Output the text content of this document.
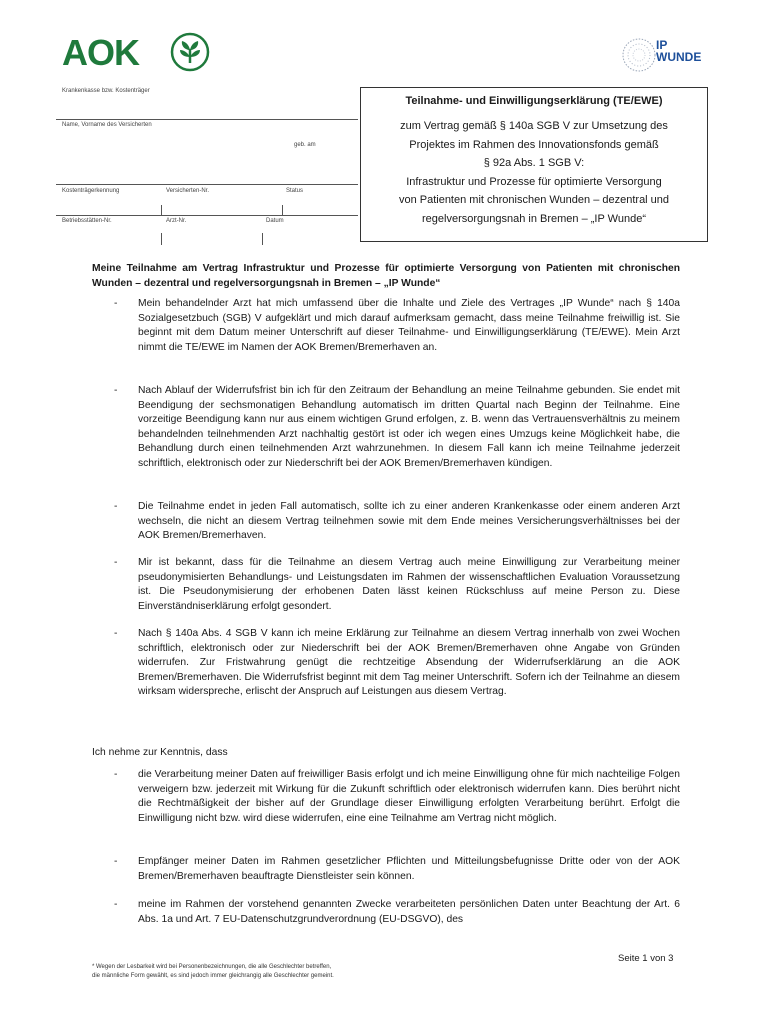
AOK	IP
WUNDE
Krankenkasse bzw. Kostenträger
Name, Vorname des Versicherten
geb. am
Kostenträgerkennung	Versicherten-Nr.	Status
Betriebsstätten-Nr.	Arzt-Nr.	Datum
Teilnahme- und Einwilligungserklärung (TE/EWE)
zum Vertrag gemäß § 140a SGB V zur Umsetzung des
Projektes im Rahmen des Innovationsfonds gemäß
§ 92a Abs. 1 SGB V:
Infrastruktur und Prozesse für optimierte Versorgung
von Patienten mit chronischen Wunden – dezentral und
regelversorgungsnah in Bremen – „IP Wunde“
Meine Teilnahme am Vertrag Infrastruktur und Prozesse für optimierte Versorgung von Patienten mit chronischen Wunden – dezentral und regelversorgungsnah in Bremen – „IP Wunde“
- Mein behandelnder Arzt hat mich umfassend über die Inhalte und Ziele des Vertrages „IP Wunde“ nach § 140a Sozialgesetzbuch (SGB) V aufgeklärt und mich darauf aufmerksam gemacht, dass meine Teilnahme freiwillig ist. Sie beginnt mit dem Datum meiner Unterschrift auf dieser Teilnahme- und Einwilligungserklärung (TE/EWE). Mein Arzt nimmt die TE/EWE im Namen der AOK Bremen/Bremerhaven an.
- Nach Ablauf der Widerrufsfrist bin ich für den Zeitraum der Behandlung an meine Teilnahme gebunden. Sie endet mit Beendigung der sechsmonatigen Behandlung automatisch im dritten Quartal nach Beginn der Teilnahme. Eine vorzeitige Beendigung kann nur aus einem wichtigen Grund erfolgen, z. B. wenn das Vertrauensverhältnis zu meinem behandelnden teilnehmenden Arzt nachhaltig gestört ist oder ich wegen eines Umzugs keine Möglichkeit habe, die Behandlung durch einen teilnehmenden Arzt wahrzunehmen. In diesem Fall kann ich meine Teilnahme jederzeit schriftlich, elektronisch oder zur Niederschrift bei der AOK Bremen/Bremerhaven kündigen.
- Die Teilnahme endet in jeden Fall automatisch, sollte ich zu einer anderen Krankenkasse oder einem anderen Arzt wechseln, die nicht an diesem Vertrag teilnehmen sowie mit dem Ende meines Versicherungsverhältnisses bei der AOK Bremen/Bremerhaven.
- Mir ist bekannt, dass für die Teilnahme an diesem Vertrag auch meine Einwilligung zur Verarbeitung meiner pseudonymisierten Behandlungs- und Leistungsdaten im Rahmen der wissenschaftlichen Evaluation Voraussetzung ist. Die Pseudonymisierung der erhobenen Daten lässt keinen Rückschluss auf meine Person zu. Diese Einverständniserklärung erfolgt gesondert.
- Nach § 140a Abs. 4 SGB V kann ich meine Erklärung zur Teilnahme an diesem Vertrag innerhalb von zwei Wochen schriftlich, elektronisch oder zur Niederschrift bei der AOK Bremen/Bremerhaven ohne Angabe von Gründen widerrufen. Zur Fristwahrung genügt die rechtzeitige Absendung der Widerrufserklärung an die AOK Bremen/Bremerhaven. Die Widerrufsfrist beginnt mit dem Tag meiner Unterschrift. Sofern ich der Teilnahme an diesem wirksam widerspreche, erlischt der Anspruch auf Leistungen aus diesem Vertrag.
Ich nehme zur Kenntnis, dass
- die Verarbeitung meiner Daten auf freiwilliger Basis erfolgt und ich meine Einwilligung ohne für mich nachteilige Folgen verweigern bzw. jederzeit mit Wirkung für die Zukunft schriftlich oder elektronisch widerrufen kann. Dies berührt nicht die Rechtmäßigkeit der bisher auf der Grundlage dieser Einwilligung erfolgten Verarbeitung berührt. Erfolgt die Einwilligung nicht bzw. wird diese widerrufen, eine eine Teilnahme am Vertrag nicht möglich.
- Empfänger meiner Daten im Rahmen gesetzlicher Pflichten und Mitteilungsbefugnisse Dritte oder von der AOK Bremen/Bremerhaven beauftragte Dienstleister sein können.
- meine im Rahmen der vorstehend genannten Zwecke verarbeiteten persönlichen Daten unter Beachtung der Art. 6 Abs. 1a und Art. 7 EU-Datenschutzgrundverordnung (EU-DSGVO), des
Seite 1 von 3
* Wegen der Lesbarkeit wird bei Personenbezeichnungen, die alle Geschlechter betreffen,
die männliche Form gewählt, es sind jedoch immer gleichrangig alle Geschlechter gemeint.
